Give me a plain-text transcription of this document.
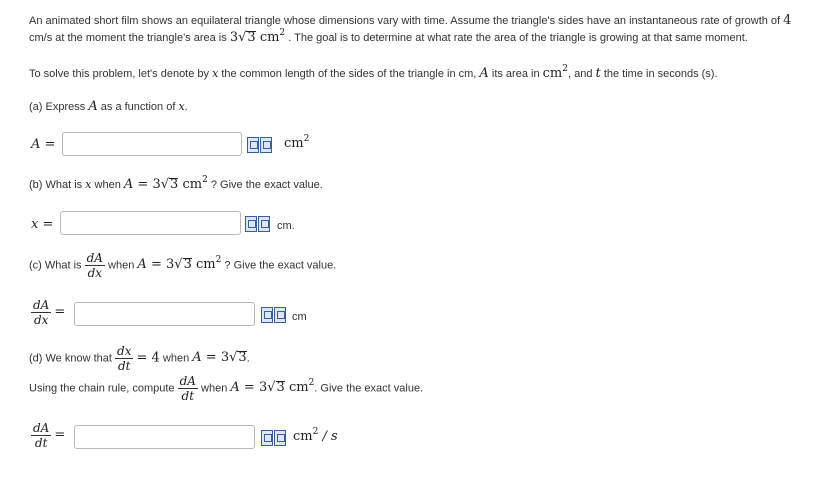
An animated short film shows an equilateral triangle whose dimensions vary with time. Assume the triangle's sides have an instantaneous rate of growth of 4
cm/s at the moment the triangle's area is 3√3 $cm^2$ . The goal is to determine at what rate the area of the triangle is growing at that same moment.
To solve this problem, let's denote by x the common length of the sides of the triangle in cm, A its area in $cm^2$, and t the time in seconds (s).
(a) Express A as a function of x.
A =	$cm^2$
(b) What is x when A = 3√3 $cm^2$ ? Give the exact value.
x =	cm.
(c) What is $\frac{dA}{dx}$ when A = 3√3 $cm^2$ ? Give the exact value.
$\frac{dA}{dx}$ =	cm
(d) We know that $\frac{dx}{dt} = 4$ when A = 3√3.
Using the chain rule, compute $\frac{dA}{dt}$ when A = 3√3 $cm^2$. Give the exact value.
$\frac{dA}{dt}$ =	$cm^2$ / s
